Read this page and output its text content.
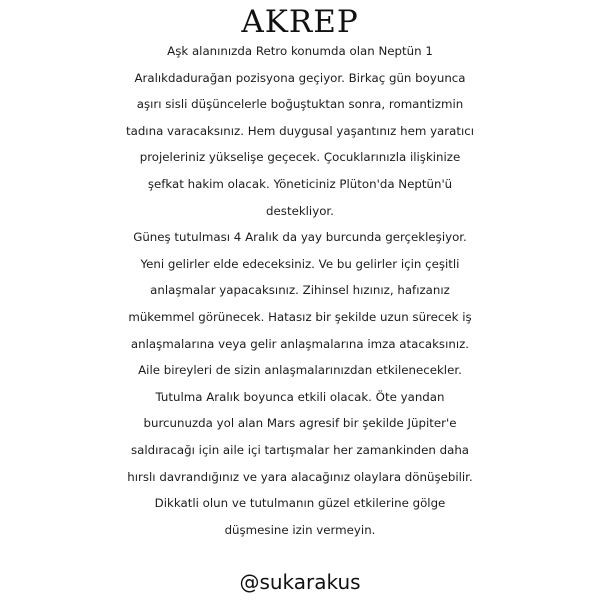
AKREP
Aşk alanınızda Retro konumda olan Neptün 1
Aralıkdadurağan pozisyona geçiyor. Birkaç gün boyunca
aşırı sisli düşüncelerle boğuştuktan sonra, romantizmin
tadına varacaksınız. Hem duygusal yaşantınız hem yaratıcı
projeleriniz yükselişe geçecek. Çocuklarınızla ilişkinize
şefkat hakim olacak. Yöneticiniz Plüton'da Neptün'ü
destekliyor.
Güneş tutulması 4 Aralık da yay burcunda gerçekleşiyor.
Yeni gelirler elde edeceksiniz. Ve bu gelirler için çeşitli
anlaşmalar yapacaksınız. Zihinsel hızınız, hafızanız
mükemmel görünecek. Hatasız bir şekilde uzun sürecek iş
anlaşmalarına veya gelir anlaşmalarına imza atacaksınız.
Aile bireyleri de sizin anlaşmalarınızdan etkilenecekler.
Tutulma Aralık boyunca etkili olacak. Öte yandan
burcunuzda yol alan Mars agresif bir şekilde Jüpiter'e
saldıracağı için aile içi tartışmalar her zamankinden daha
hırslı davrandığınız ve yara alacağınız olaylara dönüşebilir.
Dikkatli olun ve tutulmanın güzel etkilerine gölge
düşmesine izin vermeyin.
@sukarakus
